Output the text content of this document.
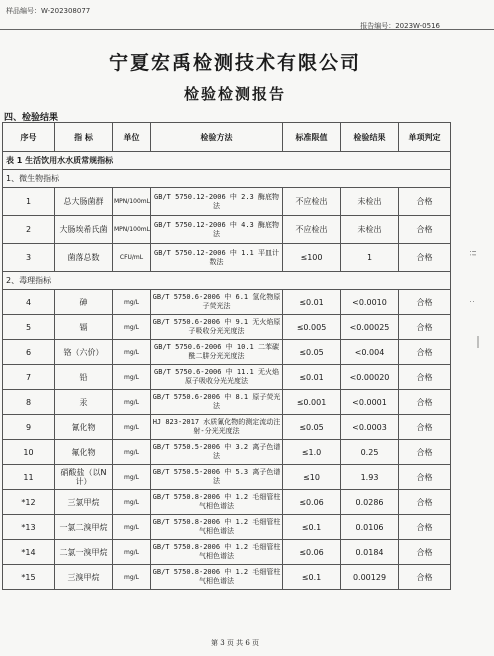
样品编号：W-202308077
报告编号：2023W-0516
宁夏宏禹检测技术有限公司
检验检测报告
四、检验结果
序号	指 标	单位	检验方法	标准限值	检验结果	单项判定
表 1 生活饮用水水质常规指标						
1、微生物指标						
1	总大肠菌群	MPN/100mL	GB/T 5750.12-2006 中 2.3 酶底物法	不应检出	未检出	合格
2	大肠埃希氏菌	MPN/100mL	GB/T 5750.12-2006 中 4.3 酶底物法	不应检出	未检出	合格
3	菌落总数	CFU/mL	GB/T 5750.12-2006 中 1.1 平皿计数法	≤100	1	合格
2、毒理指标						
4	砷	mg/L	GB/T 5750.6-2006 中 6.1 氢化物原子荧光法	≤0.01	<0.0010	合格
5	镉	mg/L	GB/T 5750.6-2006 中 9.1 无火焰原子吸收分光光度法	≤0.005	<0.00025	合格
6	铬（六价）	mg/L	GB/T 5750.6-2006 中 10.1 二苯碳酰二肼分光光度法	≤0.05	<0.004	合格
7	铅	mg/L	GB/T 5750.6-2006 中 11.1 无火焰原子吸收分光光度法	≤0.01	<0.00020	合格
8	汞	mg/L	GB/T 5750.6-2006 中 8.1 原子荧光法	≤0.001	<0.0001	合格
9	氰化物	mg/L	HJ 823-2017 水质氰化物的测定流动注射-分光光度法	≤0.05	<0.0003	合格
10	氟化物	mg/L	GB/T 5750.5-2006 中 3.2 离子色谱法	≤1.0	0.25	合格
11	硝酸盐（以N计）	mg/L	GB/T 5750.5-2006 中 5.3 离子色谱法	≤10	1.93	合格
*12	三氯甲烷	mg/L	GB/T 5750.8-2006 中 1.2 毛细管柱气相色谱法	≤0.06	0.0286	合格
*13	一氯二溴甲烷	mg/L	GB/T 5750.8-2006 中 1.2 毛细管柱气相色谱法	≤0.1	0.0106	合格
*14	二氯一溴甲烷	mg/L	GB/T 5750.8-2006 中 1.2 毛细管柱气相色谱法	≤0.06	0.0184	合格
*15	三溴甲烷	mg/L	GB/T 5750.8-2006 中 1.2 毛细管柱气相色谱法	≤0.1	0.00129	合格
!!
:
第 3 页 共 6 页
